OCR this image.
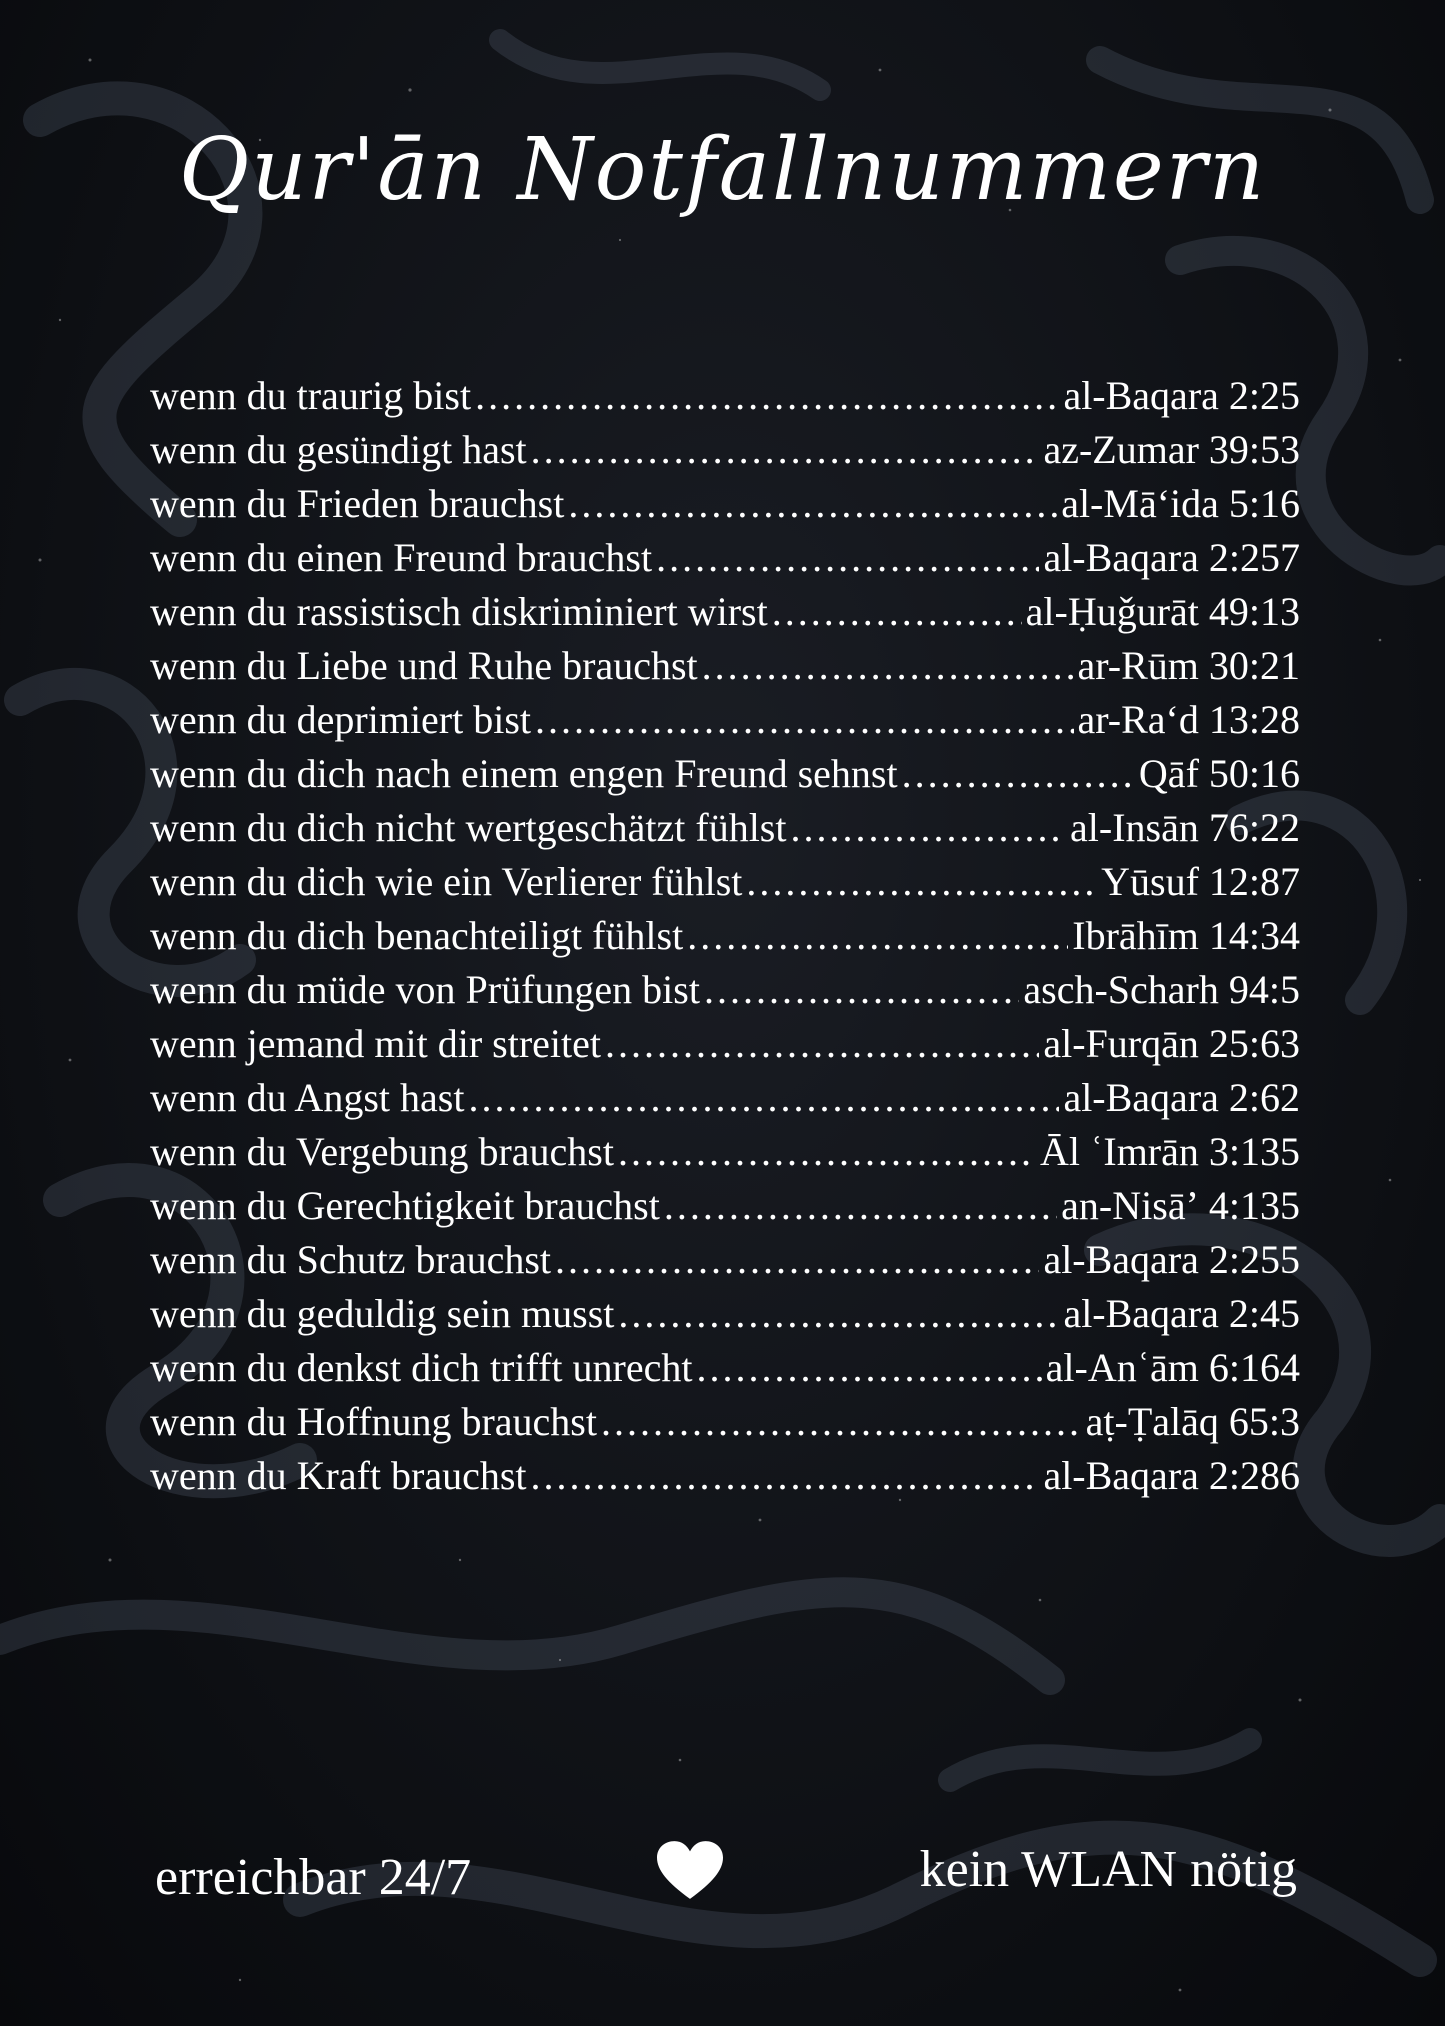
Qur'ān Notfallnummern
wenn du traurig bist .....	al-Baqara 2:25
wenn du gesündigt hast .....	az-Zumar 39:53
wenn du Frieden brauchst .....	al-Māʻida 5:16
wenn du einen Freund brauchst .....	al-Baqara 2:257
wenn du rassistisch diskriminiert wirst .....	al-Ḥuǧurāt 49:13
wenn du Liebe und Ruhe brauchst .....	ar-Rūm 30:21
wenn du deprimiert bist .....	ar-Raʻd 13:28
wenn du dich nach einem engen Freund sehnst .....	Qāf 50:16
wenn du dich nicht wertgeschätzt fühlst .....	al-Insān 76:22
wenn du dich wie ein Verlierer fühlst .....	Yūsuf 12:87
wenn du dich benachteiligt fühlst .....	Ibrāhīm 14:34
wenn du müde von Prüfungen bist .....	asch-Scharh 94:5
wenn jemand mit dir streitet .....	al-Furqān 25:63
wenn du Angst hast .....	al-Baqara 2:62
wenn du Vergebung brauchst .....	Āl ʿImrān 3:135
wenn du Gerechtigkeit brauchst .....	an-Nisāʼ 4:135
wenn du Schutz brauchst .....	al-Baqara 2:255
wenn du geduldig sein musst .....	al-Baqara 2:45
wenn du denkst dich trifft unrecht .....	al-Anʿām 6:164
wenn du Hoffnung brauchst .....	aṭ-Ṭalāq 65:3
wenn du Kraft brauchst .....	al-Baqara 2:286
erreichbar 24/7	kein WLAN nötig
